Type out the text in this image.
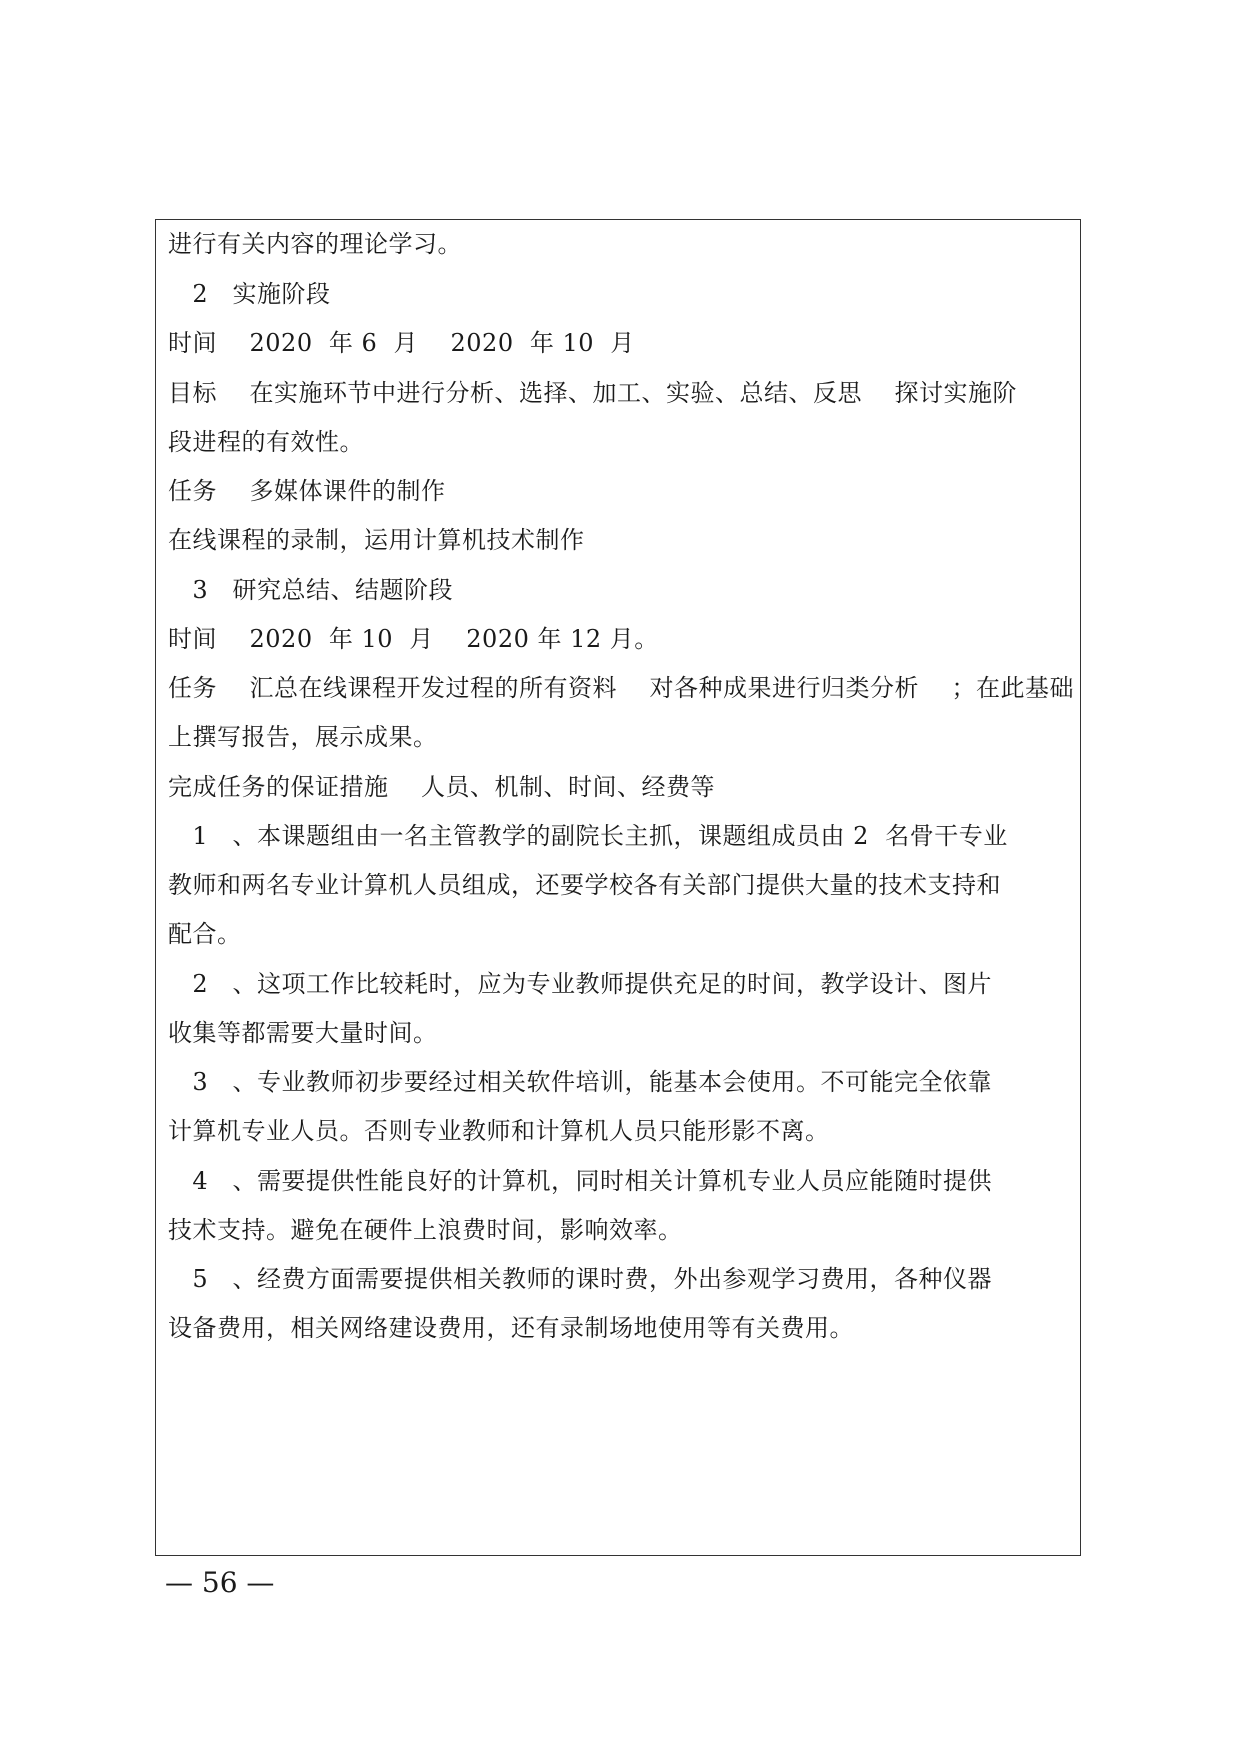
进行有关内容的理论学习。
2   实施阶段
时间    2020  年 6  月    2020  年 10  月
目标    在实施环节中进行分析、选择、加工、实验、总结、反思    探讨实施阶
段进程的有效性。
任务    多媒体课件的制作
在线课程的录制，运用计算机技术制作
3   研究总结、结题阶段
时间    2020  年 10  月    2020 年 12 月。
任务    汇总在线课程开发过程的所有资料    对各种成果进行归类分析    ；在此基础
上撰写报告，展示成果。
完成任务的保证措施    人员、机制、时间、经费等
1   、本课题组由一名主管教学的副院长主抓，课题组成员由 2  名骨干专业
教师和两名专业计算机人员组成，还要学校各有关部门提供大量的技术支持和
配合。
2   、这项工作比较耗时，应为专业教师提供充足的时间，教学设计、图片
收集等都需要大量时间。
3   、专业教师初步要经过相关软件培训，能基本会使用。不可能完全依靠
计算机专业人员。否则专业教师和计算机人员只能形影不离。
4   、需要提供性能良好的计算机，同时相关计算机专业人员应能随时提供
技术支持。避免在硬件上浪费时间，影响效率。
5   、经费方面需要提供相关教师的课时费，外出参观学习费用，各种仪器
设备费用，相关网络建设费用，还有录制场地使用等有关费用。
— 56 —
